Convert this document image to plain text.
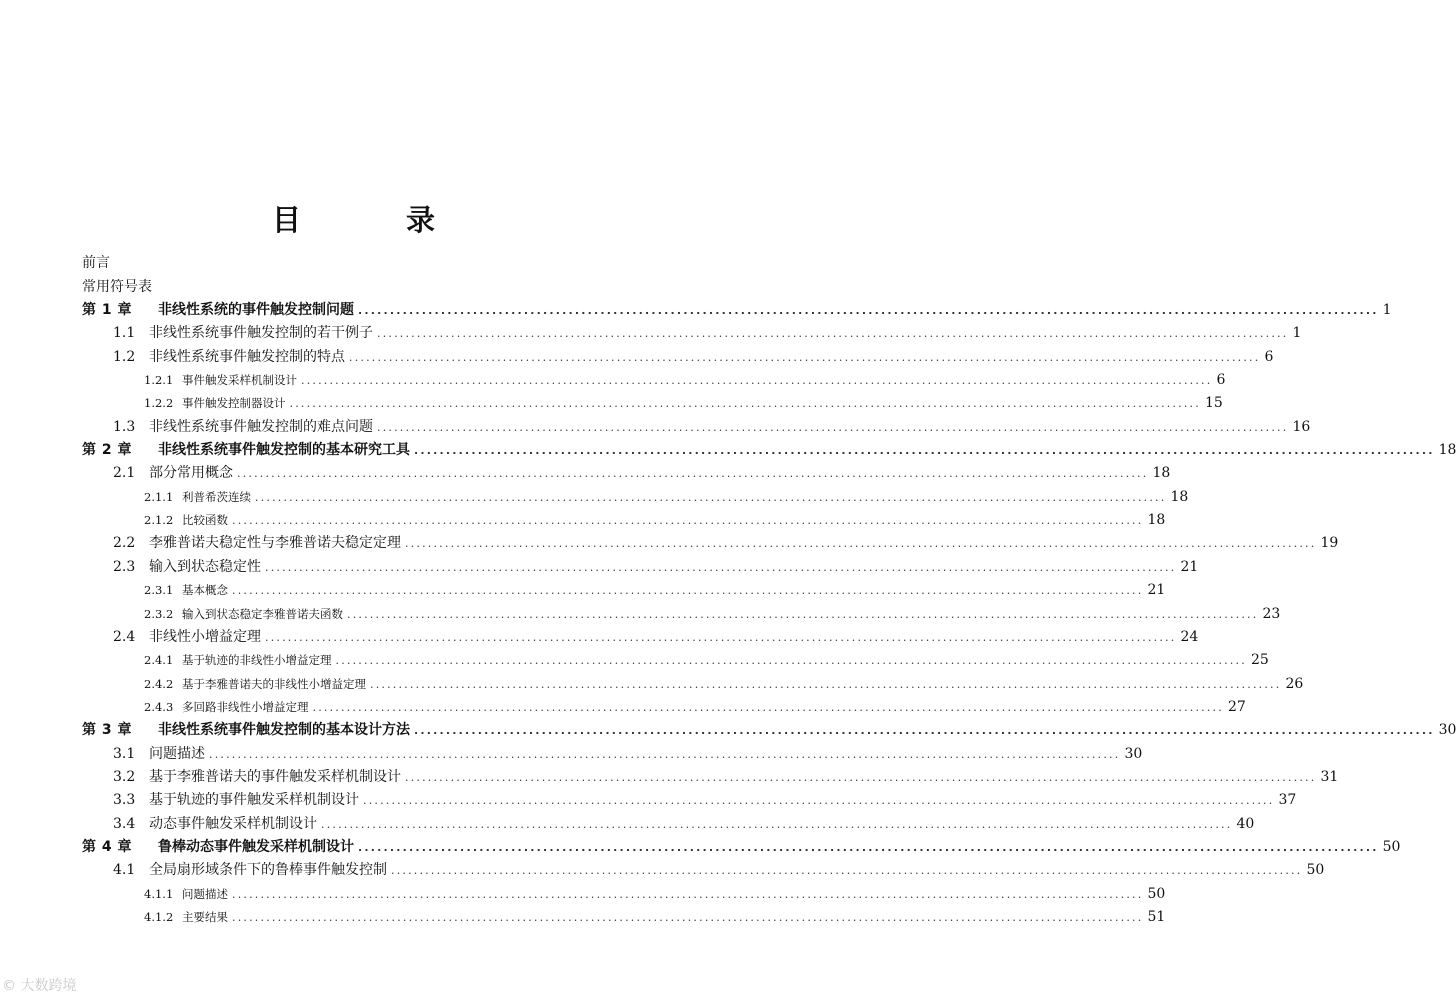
目　录
前言
常用符号表
第 1 章	非线性系统的事件触发控制问题 ................................................................................................................................................................ 1
1.1 非线性系统事件触发控制的若干例子 ................................................................................................................................................................ 1
1.2 非线性系统事件触发控制的特点 ................................................................................................................................................................ 6
1.2.1 事件触发采样机制设计 ................................................................................................................................................................ 6
1.2.2 事件触发控制器设计 ................................................................................................................................................................ 15
1.3 非线性系统事件触发控制的难点问题 ................................................................................................................................................................ 16
第 2 章	非线性系统事件触发控制的基本研究工具 ................................................................................................................................................................ 18
2.1 部分常用概念 ................................................................................................................................................................ 18
2.1.1 利普希茨连续 ................................................................................................................................................................ 18
2.1.2 比较函数 ................................................................................................................................................................ 18
2.2 李雅普诺夫稳定性与李雅普诺夫稳定定理 ................................................................................................................................................................ 19
2.3 输入到状态稳定性 ................................................................................................................................................................ 21
2.3.1 基本概念 ................................................................................................................................................................ 21
2.3.2 输入到状态稳定李雅普诺夫函数 ................................................................................................................................................................ 23
2.4 非线性小增益定理 ................................................................................................................................................................ 24
2.4.1 基于轨迹的非线性小增益定理 ................................................................................................................................................................ 25
2.4.2 基于李雅普诺夫的非线性小增益定理 ................................................................................................................................................................ 26
2.4.3 多回路非线性小增益定理 ................................................................................................................................................................ 27
第 3 章	非线性系统事件触发控制的基本设计方法 ................................................................................................................................................................ 30
3.1 问题描述 ................................................................................................................................................................ 30
3.2 基于李雅普诺夫的事件触发采样机制设计 ................................................................................................................................................................ 31
3.3 基于轨迹的事件触发采样机制设计 ................................................................................................................................................................ 37
3.4 动态事件触发采样机制设计 ................................................................................................................................................................ 40
第 4 章	鲁棒动态事件触发采样机制设计 ................................................................................................................................................................ 50
4.1 全局扇形域条件下的鲁棒事件触发控制 ................................................................................................................................................................ 50
4.1.1 问题描述 ................................................................................................................................................................ 50
4.1.2 主要结果 ................................................................................................................................................................ 51
© 大数跨境
